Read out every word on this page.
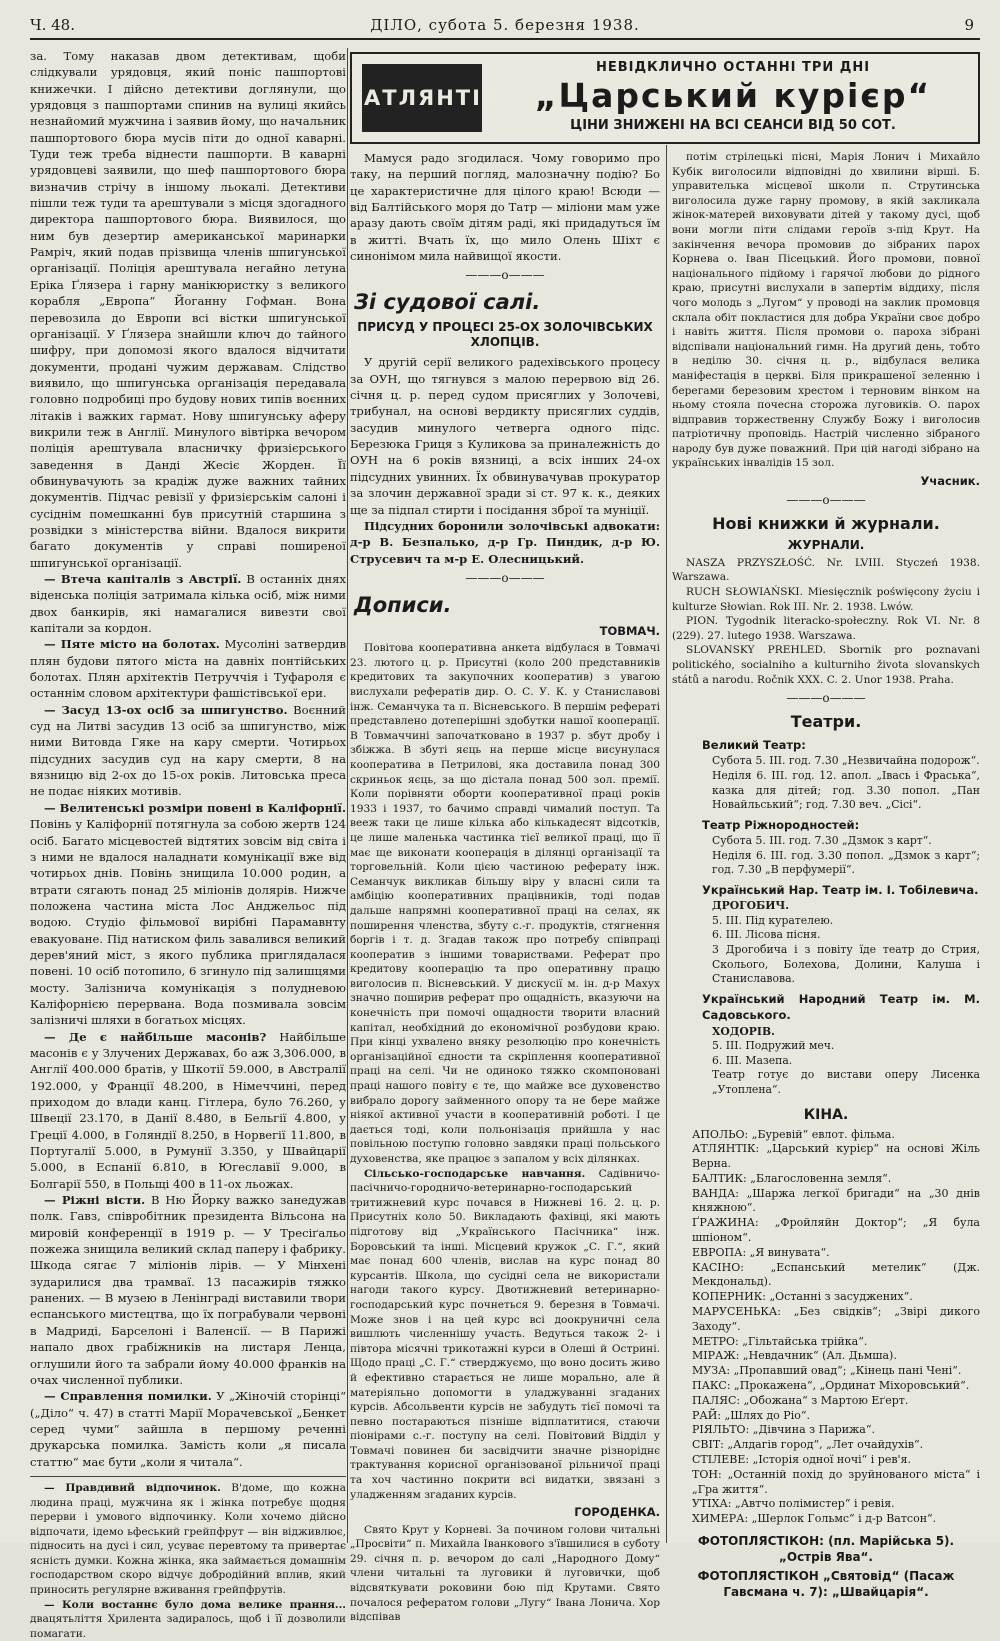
Ч. 48.	ДІЛО, субота 5. березня 1938.	9

за. Тому наказав двом детективам, щоби слідкували урядовця, який поніс пашпортові книжечки. І дійсно детективи доглянули, що урядовця з пашпортами спинив на вулиці якийсь незнайомий мужчина і заявив йому, що начальник пашпортового бюра мусів піти до одної каварні. Туди теж треба віднести пашпорти. В каварні урядовцеві заявили, що шеф пашпортового бюра визначив стрічу в іншому льокалі. Детективи пішли теж туди та арештували з місця здогадного директора пашпортового бюра. Виявилося, що ним був дезертир американської маринарки Рамріч, який подав прізвища членів шпигунської організації. Поліція арештувала негайно летуна Еріка Ґлязера і гарну манікюристку з великого корабля „Европа“ Йоганну Гофман. Вона перевозила до Европи всі вістки шпигунської організації. У Ґлязера знайшли ключ до тайного шифру, при допомозі якого вдалося відчитати документи, продані чужим державам. Слідство виявило, що шпигунська організація передавала головно подробиці про будову нових типів воєнних літаків і важких гармат. Нову шпигунську аферу викрили теж в Англії. Минулого вівтірка вечором поліція арештувала власничку фризієрського заведення в Данді Жесіє Жорден. Її обвинувачують за крадіж дуже важних тайних документів. Підчас ревізії у фризієрськім салоні і сусіднім помешканні був присутній старшина з розвідки з міністерства війни. Вдалося викрити багато документів у справі поширеної шпигунської організації.

— Втеча капіталів з Австрії. В останніх днях віденська поліція затримала кілька осіб, між ними двох банкирів, які намагалися вивезти свої капітали за кордон.

— Пяте місто на болотах. Мусоліні затвердив плян будови пятого міста на давніх понтійських болотах. Плян архітектів Петруччія і Туфароля є останнім словом архітектури фашістівської ери.

— Засуд 13-ох осіб за шпигунство. Воєнний суд на Литві засудив 13 осіб за шпигунство, між ними Витовда Гяке на кару смерти. Чотирьох підсудних засудив суд на кару смерти, 8 на вязницю від 2-ох до 15-ох років. Литовська преса не подає ніяких мотивів.

— Велитенські розміри повені в Каліфорнії. Повінь у Каліфорнії потягнула за собою жертв 124 осіб. Багато місцевостей відтятих зовсім від світа і з ними не вдалося наладнати комунікації вже від чотирьох днів. Повінь знищила 10.000 родин, а втрати сягають понад 25 міліонів долярів. Нижче положена частина міста Лос Анджельос під водою. Студіо фільмової вирібні Парамавнту евакуоване. Під натиском филь завалився великий дерев'яний міст, з якого публика приглядалася повені. 10 осіб потопило, 6 згинуло під залишцями мосту. Залізнича комунікація з полудневою Каліфорнією перервана. Вода позмивала зовсім залізничі шляхи в богатьох місцях.

— Де є найбільше масонів? Найбільше масонів є у Злучених Державах, бо аж 3,306.000, в Англії 400.000 братів, у Шкотії 59.000, в Австралії 192.000, у Франції 48.200, в Німеччині, перед приходом до влади канц. Гітлера, було 76.260, у Швеції 23.170, в Данії 8.480, в Бельгії 4.800, у Греції 4.000, в Голяндії 8.250, в Норвегії 11.800, в Португалії 5.000, в Румунії 3.350, у Швайцарії 5.000, в Еспанії 6.810, в Югеславії 9.000, в Болгарії 550, в Польщі 400 в 11-ох льожах.

— Ріжні вісти. В Ню Йорку важко занедужав полк. Гавз, співробітник президента Вільсона на мировій конференції в 1919 р. — У Тресіґальо пожежа знищила великий склад паперу і фабрику. Шкода сягає 7 міліонів лірів. — У Мінхені зударилися два трамваї. 13 пасажирів тяжко ранених. — В музею в Ленінграді виставили твори еспанського мистецтва, що їх пограбували червоні в Мадриді, Барселоні і Валенсії. — В Парижі напало двох грабіжників на листаря Ленца, оглушили його та забрали йому 40.000 франків на очах численної публики.

— Справлення помилки. У „Жіночій сторінці“ („Діло“ ч. 47) в статті Марії Морачевської „Бенкет серед чуми“ зайшла в першому реченні друкарська помилка. Замість коли „я писала статтю“ має бути „коли я читала“.

— Правдивий відпочинок. В'доме, що кожна людина праці, мужчина як і жінка потребує щодня перерви і умового відпочинку. Коли хочемо дійсно відпочати, ідемо ьфеський грейпфрут — він відживлює, підносить на дусі і сил, усуває перевтому та привертає ясність думки. Кожна жінка, яка займається домашнім господарством скоро відчує добродійний вплив, який приносить регулярне вживання грейпфрутів.

— Коли востаннє було дома велике прання... двацятьліття Хрилента задиралось, щоб і її дозволили помагати.

АТЛЯНТІК
НЕВІДКЛИЧНО ОСТАННІ ТРИ ДНІ
„Царський курієр“
ЦІНИ ЗНИЖЕНІ НА ВСІ СЕАНСИ ВІД 50 СОТ.

Мамуся радо згодилася. Чому говоримо про таку, на перший погляд, малозначну подію? Бо це характеристичне для цілого краю! Всюди — від Балтійського моря до Татр — міліони мам уже аразу дають своїм дітям раді, які придадуться їм в житті. Вчать їх, що мило Олень Шіхт є синонімом мила найвищої якости.

———o———
Зі судової салі.
ПРИСУД У ПРОЦЕСІ 25-ОХ ЗОЛОЧІВСЬКИХ ХЛОПЦІВ.

У другій серії великого радехівського процесу за ОУН, що тягнувся з малою перервою від 26. січня ц. р. перед судом присяглих у Золочеві, трибунал, на основі вердикту присяглих суддів, засудив минулого четверга одного підс. Березюка Гриця з Куликова за приналежність до ОУН на 6 років вязниці, а всіх інших 24-ох підсудних увинних. Їх обвинувачував прокуратор за злочин державної зради зі ст. 97 к. к., деяких ще за підпал стирти і посідання зброї та муніції.

Підсудних боронили золочівські адвокати: д-р В. Безпалько, д-р Гр. Пиндик, д-р Ю. Струсевич та м-р Е. Олесницький.

———o———
Дописи.
ТОВМАЧ.

Повітова кооперативна анкета відбулася в Товмачі 23. лютого ц. р. Присутні (коло 200 представників кредитових та закупочних кооператив) з увагою вислухали рефератів дир. О. С. У. К. у Станиславові інж. Семанчука та п. Вісневського. В першім рефераті представлено дотеперішні здобутки нашої кооперації. В Товмаччині започатковано в 1937 р. збут дробу і збіжжа. В збуті яєць на перше місце висунулася кооператива в Петрилові, яка доставила понад 300 скриньок яєць, за що дістала понад 500 зол. премії. Коли порівняти оборти кооперативної праці років 1933 і 1937, то бачимо справді чималий поступ. Та вееж таки це лише кілька або кількадесят відсотків, це лише маленька частинка тієї великої праці, що її має ще виконати кооперація в ділянці організації та торговельній. Коли цією частиною реферату інж. Семанчук викликав більшу віру у власні сили та амбіцію кооперативних працівників, тоді подав дальше напрямні кооперативної праці на селах, як поширення членства, збуту с.-г. продуктів, стягнення боргів і т. д. Згадав також про потребу співпраці кооператив з іншими товариствами. Реферат про кредитову кооперацію та про оперативну працю виголосив п. Вісневський. У дискусії м. ін. д-р Махух значно поширив реферат про ощадність, вказуючи на конечність при помочі ощадности творити власний капітал, необхідний до економічної розбудови краю. При кінці ухвалено вняку резолюцію про конечність організаційної єдности та скріплення кооперативної праці на селі. Чи не одиноко тяжко скомпоновані праці нашого повіту є те, що майже все духовенство вибрало дорогу займенного опору та не бере майже ніякої активної участи в кооперативній роботі. І це дається тоді, коли польонізація прийшла у нас повільною поступю головно завдяки праці польського духовенства, яке працює з запалом у всіх ділянках.

Сільсько-господарське навчання. Садівничо-пасічничо-городничо-ветеринарно-господарський тритижневий курс почався в Нижневі 16. 2. ц. р. Присутніх коло 50. Викладають фахівці, які мають підготову від „Українського Пасічника“ інж. Боровський та інші. Місцевий кружок „С. Г.“, який має понад 600 членів, вислав на курс понад 80 курсантів. Школа, що сусідні села не використали нагоди такого курсу. Двотижневий ветеринарно-господарський курс почнеться 9. березня в Товмачі. Може знов і на цей курс всі доокруничні села вишлють численнішу участь. Ведуться також 2- і півтора місячні трикотажні курси в Олеші й Острині. Щодо праці „С. Г.“ стверджуємо, що воно досить живо й ефективно старається не лише морально, але й матеріяльно допомогти в уладжуванні згаданих курсів. Абсольвенти курсів не забудуть тієї помочі та певно постараються пізніше відплатитися, стаючи піонірами с.-г. поступу на селі. Повітовий Відділ у Товмачі повинен би засвідчити значне різноріднє трактування корисної організованої рільничої праці та хоч частинно покрити всі видатки, звязані з уладженням згаданих курсів.

ГОРОДЕНКА.

Свято Крут у Корневі. За почином голови читальні „Просвіти“ п. Михайла Іванкового з'ївшилися в суботу 29. січня п. р. вечором до салі „Народного Дому“ члени читальні та луговики й луговички, щоб відсвяткувати роковини бою під Крутами. Свято почалося рефератом голови „Лугу“ Івана Лонича. Хор відспівав

потім стрілецькі пісні, Марія Лонич і Михайло Кубік виголосили відповідні до хвилини вірші. Б. управителька місцевої школи п. Струтинська виголосила дуже гарну промову, в якій закликала жінок-матерей виховувати дітей у такому дусі, щоб вони могли піти слідами героїв з-під Крут. На закінчення вечора промовив до зібраних парох Корнева о. Іван Пісецький. Його промови, повної національного підйому і гарячої любови до рідного краю, присутні вислухали в запертім віддиху, після чого молодь з „Лугом“ у проводі на заклик промовця склала обіт покластися для добра України своє добро і навіть життя. Після промови о. пароха зібрані відспівали національний гимн. На другий день, тобто в неділю 30. січня ц. р., відбулася велика маніфестація в церкві. Біля прикрашеної зеленню і берегами березовим хрестом і терновим вінком на ньому стояла почесна сторожа луговиків. О. парох відправив торжественну Службу Божу і виголосив патріотичну проповідь. Настрій численно зібраного народу був дуже поважний. При цій нагоді зібрано на українських інвалідів 15 зол.

Учасник.
———o———
Нові книжки й журнали.
ЖУРНАЛИ.

NASZA PRZYSZŁOŚĆ. Nr. LVIII. Styczeń 1938. Warszawa.

RUCH SŁOWIAŃSKI. Miesięcznik poświęcony życiu i kulturze Słowian. Rok III. Nr. 2. 1938. Lwów.

PION. Tygodnik literacko-społeczny. Rok VI. Nr. 8 (229). 27. lutego 1938. Warszawa.

SLOVANSKY PREHLED. Sbornik pro poznavani politického, socialniho a kulturniho života slovanskych států a narodu. Ročnik XXX. C. 2. Unor 1938. Praha.

———o———
Театри.
Великий Театр:
Субота 5. ІІІ. год. 7.30 „Незвичайна подорож“.
Неділя 6. ІІІ. год. 12. апол. „Івась і Фраська“, казка для дітей; год. 3.30 попол. „Пан Новайльський“; год. 7.30 веч. „Сісі“.
Театр Ріжнородностей:
Субота 5. ІІІ. год. 7.30 „Дзмок з карт“.
Неділя 6. ІІІ. год. 3.30 попол. „Дзмок з карт“; год. 7.30 „В перфумерії“.
Український Нар. Театр ім. І. Тобілевича.
ДРОГОБИЧ.
5. ІІІ. Під куратeлею.
6. ІІІ. Лісова пісня.
3 Дрогобича і з повіту їде театр до Стрия, Сколього, Болехова, Долини, Калуша і Станиславова.
Український Народний Театр ім. М. Садовського.
ХОДОРІВ.
5. ІІІ. Подружий меч.
6. ІІІ. Мазепа.
Театр готує до вистави оперу Лисенка „Утоплена“.
КІНА.
АПОЛЬО: „Буревій“ евлот. фільма.
АТЛЯНТІК: „Царський курієр“ на основі Жіль Верна.
БАЛТИК: „Благословенна земля“.
ВАНДА: „Шаржа легкої бригади“ на „30 днів княжною“.
ҐРАЖИНА: „Фройляйн Доктор“; „Я була шпіоном“.
ЕВРОПА: „Я винувата“.
КАСІНО: „Еспанський метелик“ (Дж. Мекдональд).
КОПЕРНИК: „Останні з засуджених“.
МАРУСЕНЬКА: „Без свідків“; „Звірі дикого Заходу“.
МЕТРО: „Гільтайська трійка“.
МІРАЖ: „Невдачник“ (Ал. Дьмша).
МУЗА: „Пропавший овад“; „Кінець пані Чені“.
ПАКС: „Прокажена“, „Ординат Міхоровський“.
ПАЛЯС: „Обожана“ з Мартою Еґерт.
РАЙ: „Шлях до Ріо“.
РІЯЛЬТО: „Дівчина з Парижа“.
СВІТ: „Алдагів город“, „Лет очайдухів“.
СТІЛЕВЕ: „Історія одної ночі“ і рев'я.
ТОН: „Останній похід до зруйнованого міста“ і „Гра життя“.
УТІХА: „Автчо полімистер“ і ревія.
ХИМЕРА: „Шерлок Гольмс“ і д-р Ватсон“.
ФОТОПЛЯСТІКОН: (пл. Марійська 5). „Острів Ява“.
ФОТОПЛЯСТІКОН „Святовід“ (Пасаж Гавсмана ч. 7): „Швайцарія“.
